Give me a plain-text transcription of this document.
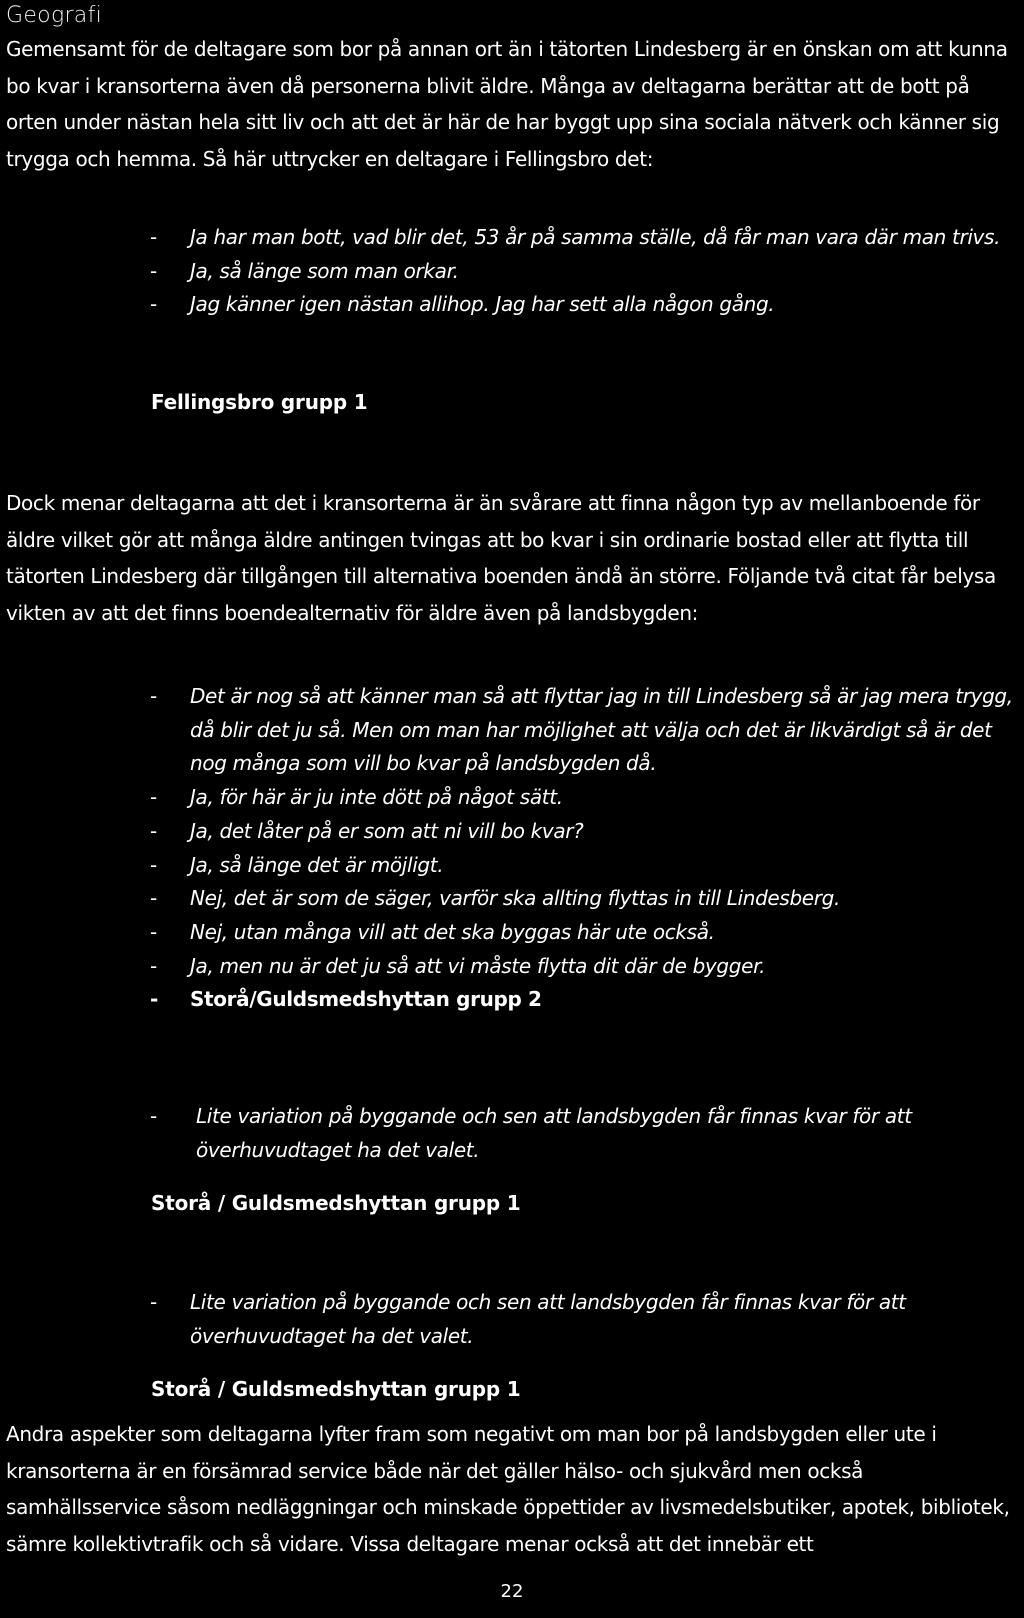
Geografi

Gemensamt för de deltagare som bor på annan ort än i tätorten Lindesberg är en önskan om att kunna bo kvar i kransorterna även då personerna blivit äldre. Många av deltagarna berättar att de bott på orten under nästan hela sitt liv och att det är här de har byggt upp sina sociala nätverk och känner sig trygga och hemma. Så här uttrycker en deltagare i Fellingsbro det:

- Ja har man bott, vad blir det, 53 år på samma ställe, då får man vara där man trivs.
- Ja, så länge som man orkar.
- Jag känner igen nästan allihop. Jag har sett alla någon gång.
Fellingsbro grupp 1

Dock menar deltagarna att det i kransorterna är än svårare att finna någon typ av mellanboende för äldre vilket gör att många äldre antingen tvingas att bo kvar i sin ordinarie bostad eller att flytta till tätorten Lindesberg där tillgången till alternativa boenden ändå än större. Följande två citat får belysa vikten av att det finns boendealternativ för äldre även på landsbygden:

- Det är nog så att känner man så att flyttar jag in till Lindesberg så är jag mera trygg, då blir det ju så. Men om man har möjlighet att välja och det är likvärdigt så är det nog många som vill bo kvar på landsbygden då.
- Ja, för här är ju inte dött på något sätt.
- Ja, det låter på er som att ni vill bo kvar?
- Ja, så länge det är möjligt.
- Nej, det är som de säger, varför ska allting flyttas in till Lindesberg.
- Nej, utan många vill att det ska byggas här ute också.
- Ja, men nu är det ju så att vi måste flytta dit där de bygger.
- Storå/Guldsmedshyttan grupp 2
- Lite variation på byggande och sen att landsbygden får finnas kvar för att överhuvudtaget ha det valet.
Storå / Guldsmedshyttan grupp 1
- Lite variation på byggande och sen att landsbygden får finnas kvar för att överhuvudtaget ha det valet.
Storå / Guldsmedshyttan grupp 1

Andra aspekter som deltagarna lyfter fram som negativt om man bor på landsbygden eller ute i kransorterna är en försämrad service både när det gäller hälso- och sjukvård men också samhällsservice såsom nedläggningar och minskade öppettider av livsmedelsbutiker, apotek, bibliotek, sämre kollektivtrafik och så vidare. Vissa deltagare menar också att det innebär ett

22
